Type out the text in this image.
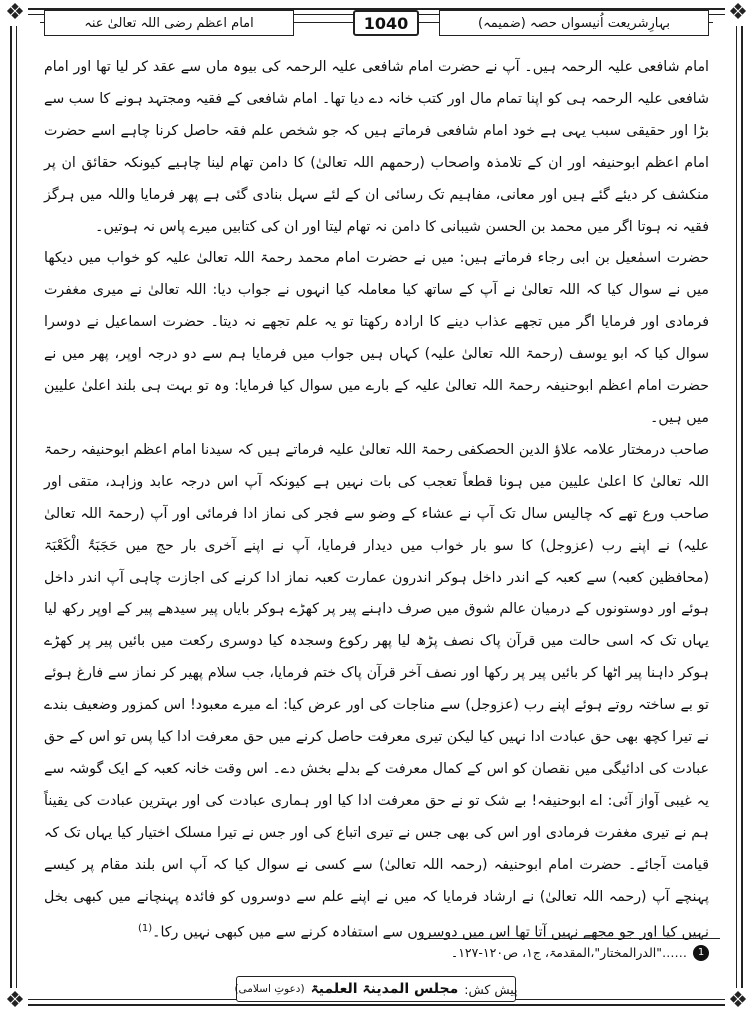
❖	❖
❖	❖
بہارِشریعت اُنیسواں حصہ (ضمیمہ)
1040
امام اعظم رضی اللہ تعالیٰ عنہ

امام شافعی علیہ الرحمہ ہیں۔ آپ نے حضرت امام شافعی علیہ الرحمہ کی بیوہ ماں سے عقد کر لیا تھا اور امام شافعی علیہ الرحمہ ہی کو اپنا تمام مال اور کتب خانہ دے دیا تھا۔ امام شافعی کے فقیہ ومجتہد ہونے کا سب سے بڑا اور حقیقی سبب یہی ہے خود امام شافعی فرماتے ہیں کہ جو شخص علم فقہ حاصل کرنا چاہے اسے حضرت امام اعظم ابوحنیفہ اور ان کے تلامذہ واصحاب (رحمھم اللہ تعالیٰ) کا دامن تھام لینا چاہیے کیونکہ حقائق ان پر منکشف کر دیئے گئے ہیں اور معانی، مفاہیم تک رسائی ان کے لئے سہل بنادی گئی ہے پھر فرمایا واللہ میں ہرگز فقیہ نہ ہوتا اگر میں محمد بن الحسن شیبانی کا دامن نہ تھام لیتا اور ان کی کتابیں میرے پاس نہ ہوتیں۔

حضرت اسمٰعیل بن ابی رجاء فرماتے ہیں: میں نے حضرت امام محمد رحمۃ اللہ تعالیٰ علیہ کو خواب میں دیکھا میں نے سوال کیا کہ اللہ تعالیٰ نے آپ کے ساتھ کیا معاملہ کیا انہوں نے جواب دیا: اللہ تعالیٰ نے میری مغفرت فرمادی اور فرمایا اگر میں تجھے عذاب دینے کا ارادہ رکھتا تو یہ علم تجھے نہ دیتا۔ حضرت اسماعیل نے دوسرا سوال کیا کہ ابو یوسف (رحمۃ اللہ تعالیٰ علیہ) کہاں ہیں جواب میں فرمایا ہم سے دو درجہ اوپر، پھر میں نے حضرت امام اعظم ابوحنیفہ رحمۃ اللہ تعالیٰ علیہ کے بارے میں سوال کیا فرمایا: وہ تو بہت ہی بلند اعلیٰ علیین میں ہیں۔

صاحب درمختار علامہ علاؤ الدین الحصکفی رحمۃ اللہ تعالیٰ علیہ فرماتے ہیں کہ سیدنا امام اعظم ابوحنیفہ رحمۃ اللہ تعالیٰ کا اعلیٰ علیین میں ہونا قطعاً تعجب کی بات نہیں ہے کیونکہ آپ اس درجہ عابد وزاہد، متقی اور صاحب ورع تھے کہ چالیس سال تک آپ نے عشاء کے وضو سے فجر کی نماز ادا فرمائی اور آپ (رحمۃ اللہ تعالیٰ علیہ) نے اپنے رب (عزوجل) کا سو بار خواب میں دیدار فرمایا، آپ نے اپنے آخری بار حج میں حَجَبَۃُ الْکَعْبَۃ (محافظین کعبہ) سے کعبہ کے اندر داخل ہوکر اندرون عمارت کعبہ نماز ادا کرنے کی اجازت چاہی آپ اندر داخل ہوئے اور دوستونوں کے درمیان عالم شوق میں صرف داہنے پیر پر کھڑے ہوکر بایاں پیر سیدھے پیر کے اوپر رکھ لیا یہاں تک کہ اسی حالت میں قرآن پاک نصف پڑھ لیا پھر رکوع وسجدہ کیا دوسری رکعت میں بائیں پیر پر کھڑے ہوکر داہنا پیر اٹھا کر بائیں پیر پر رکھا اور نصف آخر قرآن پاک ختم فرمایا، جب سلام پھیر کر نماز سے فارغ ہوئے تو بے ساختہ روتے ہوئے اپنے رب (عزوجل) سے مناجات کی اور عرض کیا: اے میرے معبود! اس کمزور وضعیف بندے نے تیرا کچھ بھی حق عبادت ادا نہیں کیا لیکن تیری معرفت حاصل کرنے میں حق معرفت ادا کیا پس تو اس کے حق عبادت کی ادائیگی میں نقصان کو اس کے کمال معرفت کے بدلے بخش دے۔ اس وقت خانہ کعبہ کے ایک گوشہ سے یہ غیبی آواز آئی: اے ابوحنیفہ! بے شک تو نے حق معرفت ادا کیا اور ہماری عبادت کی اور بہترین عبادت کی یقیناً ہم نے تیری مغفرت فرمادی اور اس کی بھی جس نے تیری اتباع کی اور جس نے تیرا مسلک اختیار کیا یہاں تک کہ قیامت آجائے۔ حضرت امام ابوحنیفہ (رحمہ اللہ تعالیٰ) سے کسی نے سوال کیا کہ آپ اس بلند مقام پر کیسے پہنچے آپ (رحمہ اللہ تعالیٰ) نے ارشاد فرمایا کہ میں نے اپنے علم سے دوسروں کو فائدہ پہنچانے میں کبھی بخل نہیں کیا اور جو مجھے نہیں آتا تھا اس میں دوسروں سے استفادہ کرنے سے میں کبھی نہیں رکا۔$^{(1)}$

1
……"الدرالمختار"،المقدمۃ، ج۱، ص۱۲۰-۱۲۷۔
پیش کش:
مجلس المدینۃ العلمیۃ
(دعوتِ اسلامی)
